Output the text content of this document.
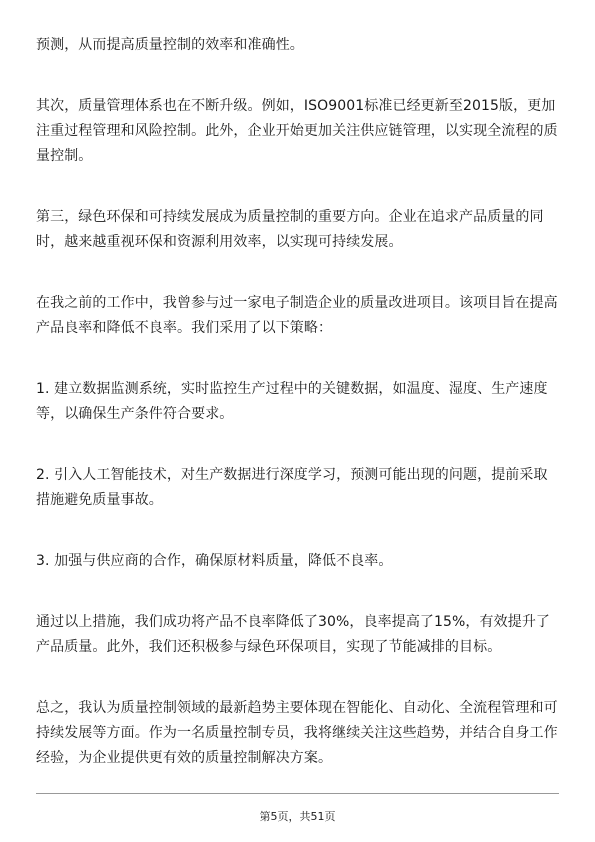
预测，从而提高质量控制的效率和准确性。

其次，质量管理体系也在不断升级。例如，ISO9001标准已经更新至2015版，更加注重过程管理和风险控制。此外，企业开始更加关注供应链管理，以实现全流程的质量控制。

第三，绿色环保和可持续发展成为质量控制的重要方向。企业在追求产品质量的同时，越来越重视环保和资源利用效率，以实现可持续发展。

在我之前的工作中，我曾参与过一家电子制造企业的质量改进项目。该项目旨在提高产品良率和降低不良率。我们采用了以下策略：

1. 建立数据监测系统，实时监控生产过程中的关键数据，如温度、湿度、生产速度等，以确保生产条件符合要求。

2. 引入人工智能技术，对生产数据进行深度学习，预测可能出现的问题，提前采取措施避免质量事故。

3. 加强与供应商的合作，确保原材料质量，降低不良率。

通过以上措施，我们成功将产品不良率降低了30%，良率提高了15%，有效提升了产品质量。此外，我们还积极参与绿色环保项目，实现了节能减排的目标。

总之，我认为质量控制领域的最新趋势主要体现在智能化、自动化、全流程管理和可持续发展等方面。作为一名质量控制专员，我将继续关注这些趋势，并结合自身工作经验，为企业提供更有效的质量控制解决方案。

第5页，共51页
